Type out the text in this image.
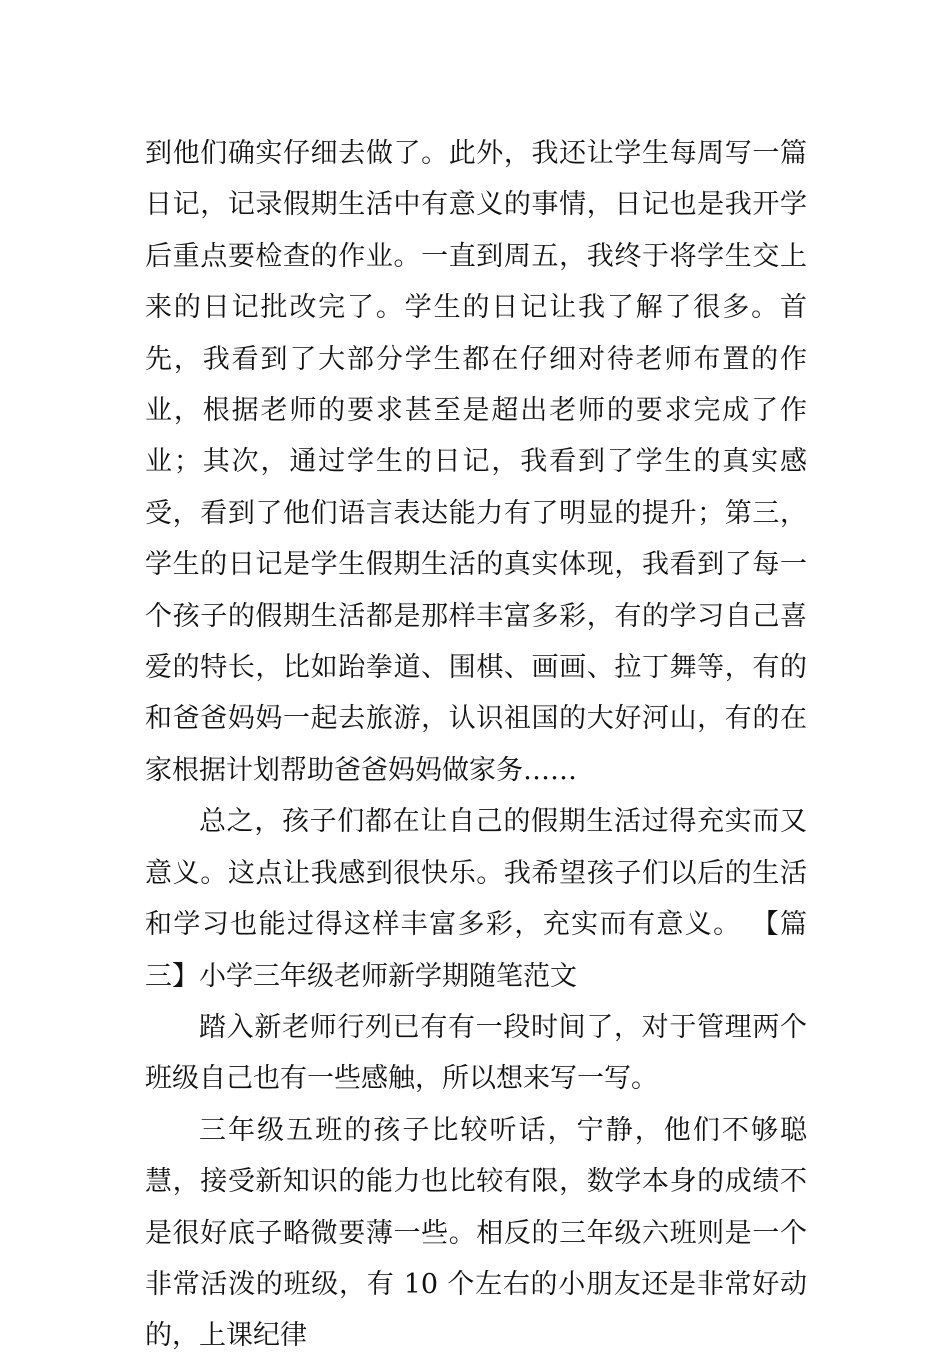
到他们确实仔细去做了。此外，我还让学生每周写一篇日记，记录假期生活中有意义的事情，日记也是我开学后重点要检查的作业。一直到周五，我终于将学生交上来的日记批改完了。学生的日记让我了解了很多。首先，我看到了大部分学生都在仔细对待老师布置的作业，根据老师的要求甚至是超出老师的要求完成了作业；其次，通过学生的日记，我看到了学生的真实感受，看到了他们语言表达能力有了明显的提升；第三，学生的日记是学生假期生活的真实体现，我看到了每一个孩子的假期生活都是那样丰富多彩，有的学习自己喜爱的特长，比如跆拳道、围棋、画画、拉丁舞等，有的和爸爸妈妈一起去旅游，认识祖国的大好河山，有的在家根据计划帮助爸爸妈妈做家务……

总之，孩子们都在让自己的假期生活过得充实而又意义。这点让我感到很快乐。我希望孩子们以后的生活和学习也能过得这样丰富多彩，充实而有意义。 【篇三】小学三年级老师新学期随笔范文

踏入新老师行列已有有一段时间了，对于管理两个班级自己也有一些感触，所以想来写一写。

三年级五班的孩子比较听话，宁静，他们不够聪慧，接受新知识的能力也比较有限，数学本身的成绩不是很好底子略微要薄一些。相反的三年级六班则是一个非常活泼的班级，有 10 个左右的小朋友还是非常好动的，上课纪律
